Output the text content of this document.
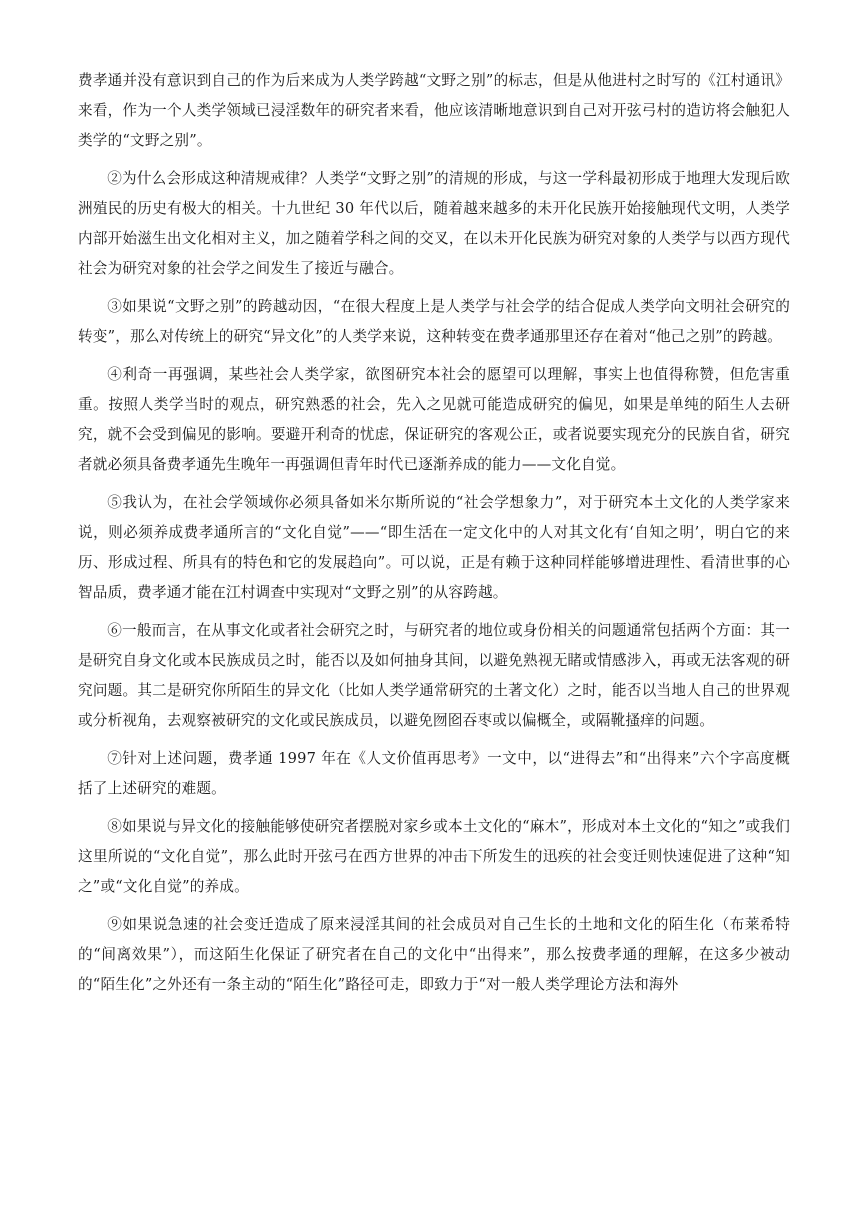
费孝通并没有意识到自己的作为后来成为人类学跨越“文野之别”的标志，但是从他进村之时写的《江村通讯》来看，作为一个人类学领域已浸淫数年的研究者来看，他应该清晰地意识到自己对开弦弓村的造访将会触犯人类学的“文野之别”。

②为什么会形成这种清规戒律？人类学“文野之别”的清规的形成，与这一学科最初形成于地理大发现后欧洲殖民的历史有极大的相关。十九世纪 30 年代以后，随着越来越多的未开化民族开始接触现代文明，人类学内部开始滋生出文化相对主义，加之随着学科之间的交叉，在以未开化民族为研究对象的人类学与以西方现代社会为研究对象的社会学之间发生了接近与融合。

③如果说“文野之别”的跨越动因，“在很大程度上是人类学与社会学的结合促成人类学向文明社会研究的转变”，那么对传统上的研究“异文化”的人类学来说，这种转变在费孝通那里还存在着对“他己之别”的跨越。

④利奇一再强调，某些社会人类学家，欲图研究本社会的愿望可以理解，事实上也值得称赞，但危害重重。按照人类学当时的观点，研究熟悉的社会，先入之见就可能造成研究的偏见，如果是单纯的陌生人去研究，就不会受到偏见的影响。要避开利奇的忧虑，保证研究的客观公正，或者说要实现充分的民族自省，研究者就必须具备费孝通先生晚年一再强调但青年时代已逐渐养成的能力——文化自觉。

⑤我认为，在社会学领域你必须具备如米尔斯所说的“社会学想象力”，对于研究本土文化的人类学家来说，则必须养成费孝通所言的“文化自觉”——“即生活在一定文化中的人对其文化有‘自知之明’，明白它的来历、形成过程、所具有的特色和它的发展趋向”。可以说，正是有赖于这种同样能够增进理性、看清世事的心智品质，费孝通才能在江村调查中实现对“文野之别”的从容跨越。

⑥一般而言，在从事文化或者社会研究之时，与研究者的地位或身份相关的问题通常包括两个方面：其一是研究自身文化或本民族成员之时，能否以及如何抽身其间，以避免熟视无睹或情感涉入，再或无法客观的研究问题。其二是研究你所陌生的异文化（比如人类学通常研究的土著文化）之时，能否以当地人自己的世界观或分析视角，去观察被研究的文化或民族成员，以避免囫囵吞枣或以偏概全，或隔靴搔痒的问题。

⑦针对上述问题，费孝通 1997 年在《人文价值再思考》一文中，以“进得去”和“出得来”六个字高度概括了上述研究的难题。

⑧如果说与异文化的接触能够使研究者摆脱对家乡或本土文化的“麻木”，形成对本土文化的“知之”或我们这里所说的“文化自觉”，那么此时开弦弓在西方世界的冲击下所发生的迅疾的社会变迁则快速促进了这种“知之”或“文化自觉”的养成。

⑨如果说急速的社会变迁造成了原来浸淫其间的社会成员对自己生长的土地和文化的陌生化（布莱希特的“间离效果”），而这陌生化保证了研究者在自己的文化中“出得来”，那么按费孝通的理解，在这多少被动的“陌生化”之外还有一条主动的“陌生化”路径可走，即致力于“对一般人类学理论方法和海外
